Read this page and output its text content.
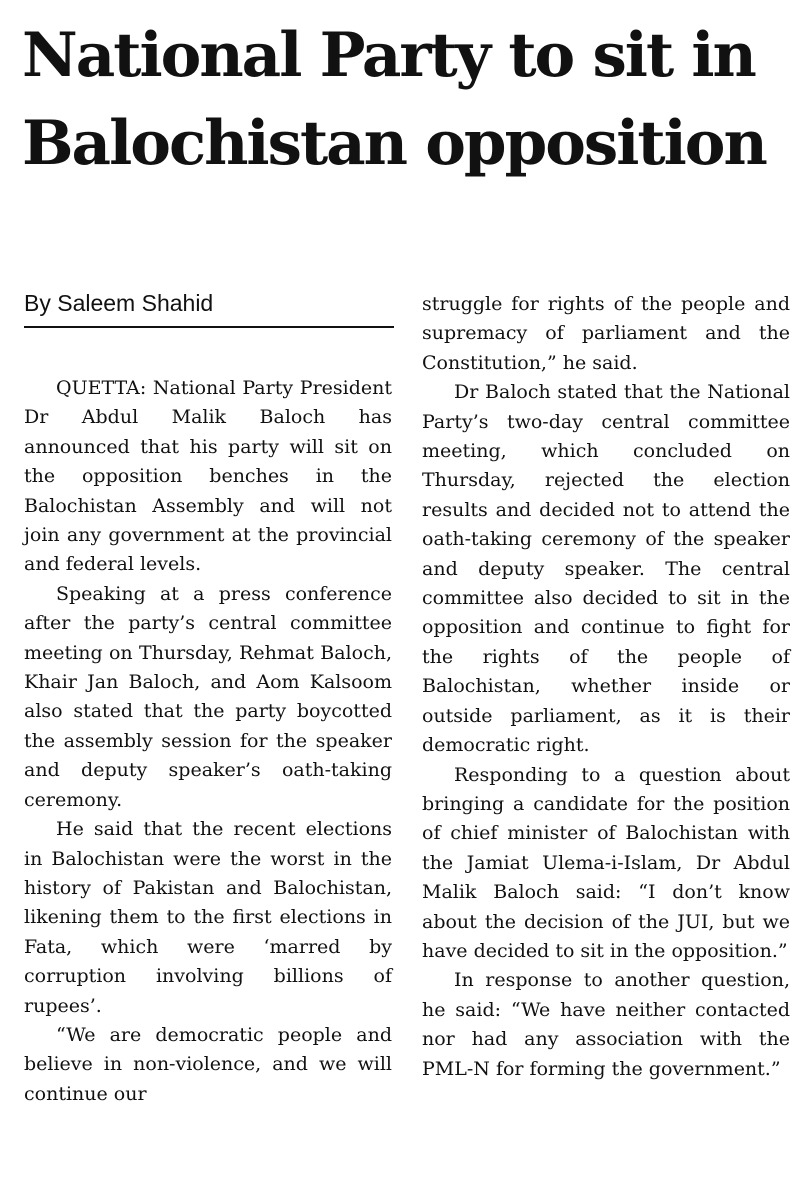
National Party to sit in Balochistan opposition
By Saleem Shahid

QUETTA: National Party President Dr Abdul Malik Baloch has announced that his party will sit on the opposition benches in the Balochistan Assembly and will not join any government at the provincial and federal levels.

Speaking at a press conference after the party’s central committee meeting on Thursday, Rehmat Baloch, Khair Jan Baloch, and Aom Kalsoom also stated that the party boycotted the assembly session for the speaker and deputy speaker’s oath-taking ceremony.

He said that the recent elections in Balochistan were the worst in the history of Pakistan and Balochistan, likening them to the first elections in Fata, which were ‘marred by corruption involving billions of rupees’.

“We are democratic people and believe in non-violence, and we will continue our

struggle for rights of the people and supremacy of parliament and the Constitution,” he said.

Dr Baloch stated that the National Party’s two-day central committee meeting, which concluded on Thursday, rejected the election results and decided not to attend the oath-taking ceremony of the speaker and deputy speaker. The central committee also decided to sit in the opposition and continue to fight for the rights of the people of Balochistan, whether inside or outside parliament, as it is their democratic right.

Responding to a question about bringing a candidate for the position of chief minister of Balochistan with the Jamiat Ulema-i-Islam, Dr Abdul Malik Baloch said: “I don’t know about the decision of the JUI, but we have decided to sit in the opposition.”

In response to another question, he said: “We have neither contacted nor had any association with the PML-N for forming the government.”
